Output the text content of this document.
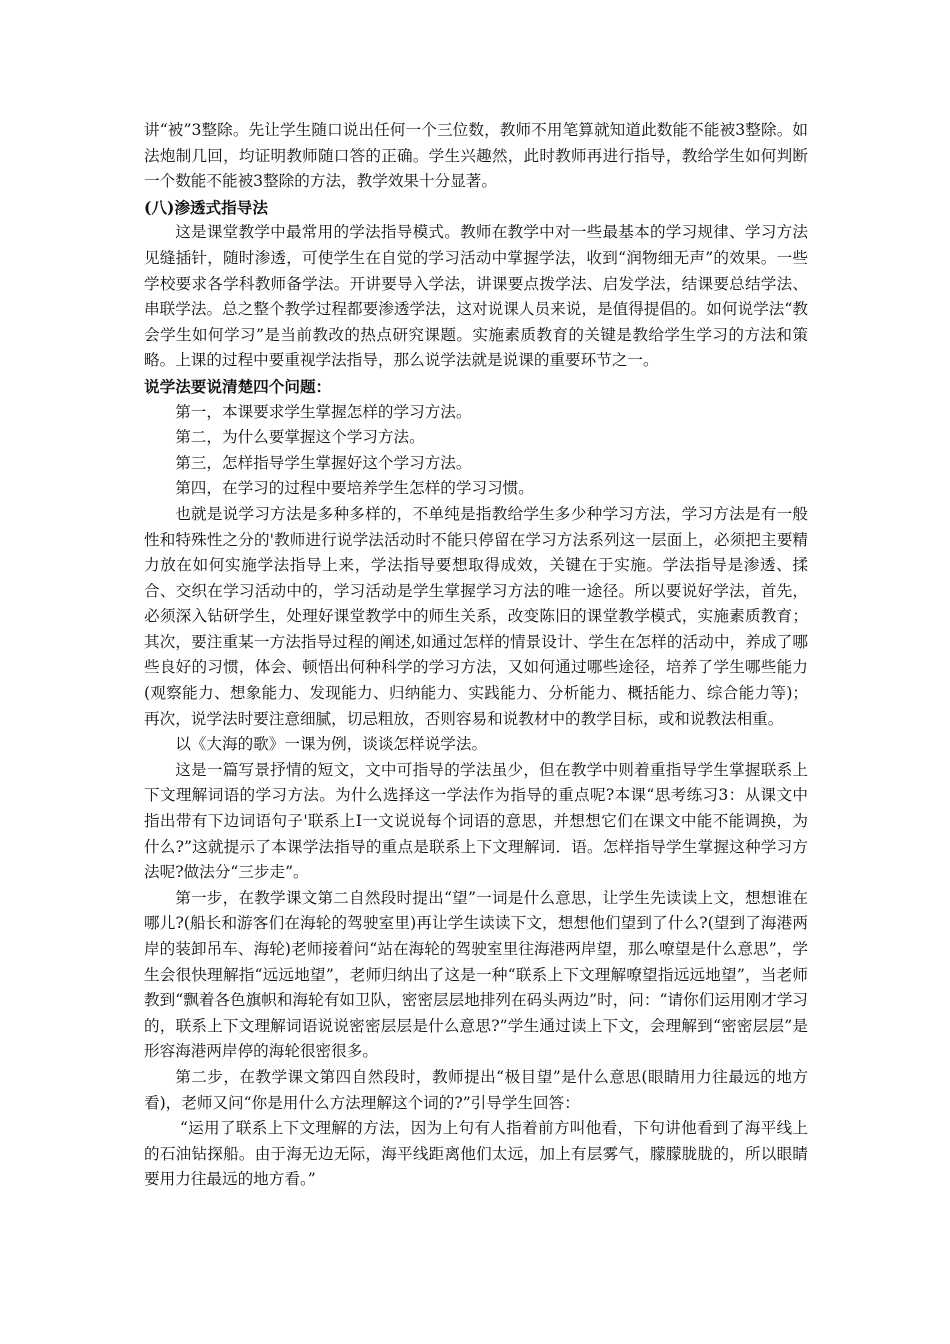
讲“被”3整除。先让学生随口说出任何一个三位数，教师不用笔算就知道此数能不能被3整除。如法炮制几回，均证明教师随口答的正确。学生兴趣然，此时教师再进行指导，教给学生如何判断一个数能不能被3整除的方法，教学效果十分显著。

(八)渗透式指导法

这是课堂教学中最常用的学法指导模式。教师在教学中对一些最基本的学习规律、学习方法见缝插针，随时渗透，可使学生在自觉的学习活动中掌握学法，收到“润物细无声”的效果。一些学校要求各学科教师备学法。开讲要导入学法，讲课要点拨学法、启发学法，结课要总结学法、串联学法。总之整个教学过程都要渗透学法，这对说课人员来说，是值得提倡的。如何说学法“教会学生如何学习”是当前教改的热点研究课题。实施素质教育的关键是教给学生学习的方法和策略。上课的过程中要重视学法指导，那么说学法就是说课的重要环节之一。

说学法要说清楚四个问题：

第一，本课要求学生掌握怎样的学习方法。

第二，为什么要掌握这个学习方法。

第三，怎样指导学生掌握好这个学习方法。

第四，在学习的过程中要培养学生怎样的学习习惯。

也就是说学习方法是多种多样的，不单纯是指教给学生多少种学习方法，学习方法是有一般性和特殊性之分的'教师进行说学法活动时不能只停留在学习方法系列这一层面上，必须把主要精力放在如何实施学法指导上来，学法指导要想取得成效，关键在于实施。学法指导是渗透、揉合、交织在学习活动中的，学习活动是学生掌握学习方法的唯一途径。所以要说好学法，首先，必须深入钻研学生，处理好课堂教学中的师生关系，改变陈旧的课堂教学模式，实施素质教育；其次，要注重某一方法指导过程的阐述,如通过怎样的情景设计、学生在怎样的活动中，养成了哪些良好的习惯，体会、顿悟出何种科学的学习方法，又如何通过哪些途径，培养了学生哪些能力(观察能力、想象能力、发现能力、归纳能力、实践能力、分析能力、概括能力、综合能力等)；再次，说学法时要注意细腻，切忌粗放，否则容易和说教材中的教学目标，或和说教法相重。

以《大海的歌》一课为例，谈谈怎样说学法。

这是一篇写景抒情的短文，文中可指导的学法虽少，但在教学中则着重指导学生掌握联系上下文理解词语的学习方法。为什么选择这一学法作为指导的重点呢?本课“思考练习3：从课文中指出带有下边词语句子'联系上I一文说说每个词语的意思，并想想它们在课文中能不能调换，为什么?”这就提示了本课学法指导的重点是联系上下文理解词．语。怎样指导学生掌握这种学习方法呢?做法分“三步走”。

第一步，在教学课文第二自然段时提出“望”一词是什么意思，让学生先读读上文，想想谁在哪儿?(船长和游客们在海轮的驾驶室里)再让学生读读下文，想想他们望到了什么?(望到了海港两岸的装卸吊车、海轮)老师接着问“站在海轮的驾驶室里往海港两岸望，那么嘹望是什么意思”，学生会很快理解指“远远地望”，老师归纳出了这是一种“联系上下文理解嘹望指远远地望”，当老师教到“飘着各色旗帜和海轮有如卫队，密密层层地排列在码头两边”时，问：“请你们运用刚才学习的，联系上下文理解词语说说密密层层是什么意思?”学生通过读上下文，会理解到“密密层层”是形容海港两岸停的海轮很密很多。

第二步，在教学课文第四自然段时，教师提出“极目望”是什么意思(眼睛用力往最远的地方看)，老师又问“你是用什么方法理解这个词的?”引导学生回答：

“运用了联系上下文理解的方法，因为上句有人指着前方叫他看，下句讲他看到了海平线上的石油钻探船。由于海无边无际，海平线距离他们太远，加上有层雾气，朦朦胧胧的，所以眼睛要用力往最远的地方看。”
